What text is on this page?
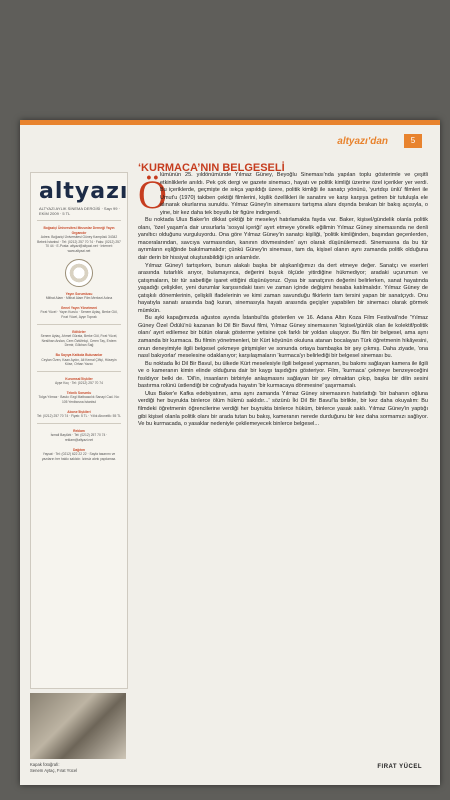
altyazı'dan	5
altyazı
ALTYAZI AYLIK SİNEMA DERGİSİ · Sayı 99 · EKİM 2009 · 5 TL
Boğaziçi Üniversitesi Mezunlar Derneği Yayın Organıdır
Adres: Boğaziçi Üniversitesi Güney Kampüsü 34342 Bebek İstanbul · Tel: (0212) 257 70 74 · Faks: (0212) 257 70 44 · E-Posta: altyazi@altyazi.net · İnternet: www.altyazi.net
Yayın Sorumlusu
Mithat Alam · Mithat Alam Film Merkezi Adına
Genel Yayın Yönetmeni
Fırat Yücel · Yayın Kurulu · Senem Aytaç, Berke Göl, Fırat Yücel, Ayşe Toprak
Editörler
Senem Aytaç, Ahmet Gürata, Berke Göl, Fırat Yücel, Neslihan Arslan, Cem Öztüfekçi, Ceren Taş, Erdem Demir, Gökhan Sağ
Bu Sayıya Katkıda Bulunanlar
Ceylan Özen, Kaan Aydın, Ali Kemal Çiftçi, Hüseyin Köse, Orhan Yazıcı
Kurumsal İlişkiler
Ayşe Koç · Tel: (0212) 257 70 74
Teknik Sorumlu
Tolga Yılmaz · Baskı: Ezgi Matbaacılık Sanayi Cad. No: 105 Yenibosna İstanbul
Abone İlişkileri
Tel: (0212) 257 70 74 · Fiyatı: 5 TL · Yıllık Abonelik: 55 TL
Reklam
İsmail Baştürk · Tel: (0212) 257 70 74 · reklam@altyazi.net
Dağıtım
Yaysat · Tel: (0212) 622 22 22 · Sayfa tasarımı ve yazıların her hakkı saklıdır. İzinsiz alıntı yapılamaz.
Kapak fotoğrafı:
Senem Aytaç, Fırat Yücel
‘KURMACA’NIN BELGESELİ
Ö

lümünün 25. yıldönümünde Yılmaz Güney, Beyoğlu Sineması'nda yapılan toplu gösterimle ve çeşitli etkinliklerle anıldı. Pek çok dergi ve gazete sinemacı, hayatı ve politik kimliği üzerine özel içerikler yer verdi. Bu içeriklerde, geçmişte de sıkça yapıldığı üzere, politik kimliği ile sanatçı yönünü, 'yurtdışı ünlü' filmleri ile Umut'u (1970) takiben çektiği filmlerini, kişilik özellikleri ile sanatını ve karşı karşıya getiren bir tutuluşla ele alınarak okurlarına sunuldu. Yılmaz Güney'in sinemasını tartışma alanı dışında bırakan bir bakış açısıyla, o yine, bir kez daha tek boyutlu bir figüre indirgendi.

Bu noktada Ulus Baker'in dikkat çektiği bir meseleyi hatırlamakta fayda var. Baker, kişisel/gündelik olanla politik olanı, 'özel yaşam'a dair unsurlarla 'sosyal içeriği' ayırt etmeye yönelik eğilimin Yılmaz Güney sinemasında ne denli yanıltıcı olduğunu vurguluyordu. Ona göre Yılmaz Güney'in sanatçı kişiliği, 'politik kimliğinden, başından geçenlerden, maceralarından, savcıya varmasından, kanının dövmesinden' ayrı olarak düşünülemezdi. Sinemasına da bu tür ayrımların eşliğinde bakılmamalıdır; çünkü Güney'in sineması, tam da, kişisel olanın aynı zamanda politik olduğuna dair derin bir hissiyat oluşturabildiği için anlamlıdır.

Yılmaz Güney'i tartışırken, bunun alakalı başka bir alışkanlığımızı da dert etmeye değer. Sanatçı ve eserleri arasında tutarlılık arıyor, bulamayınca, değerini buyuk ölçüde yitirdiğine hükmediyor; aradaki uçurumun ve çatışmaların, bir tür sabetliğe işaret ettiğini düşünüyoruz. Oysa bir sanatçının değerini belirlerken, sanat hayatında yaşadığı çelişkiler, yeni durumlar karşısındaki tavrı ve zaman içinde değişimi hesaba katılmalıdır. Yılmaz Güney de çatışkılı dönemlerinin, çelişkili ifadelerinin ve kimi zaman savunduğu fikirlerin tam tersini yapan bir sanatçıydı. Onu hayatıyla sanatı arasında bağ kuran, sinemasıyla hayatı arasında geçişler yapabilen bir sinemacı olarak görmek mümkün.

Bu ayki kapağımızda ağustos ayında İstanbul'da gösterilen ve 16. Adana Altın Koza Film Festivali'nde 'Yılmaz Güney Özel Ödülü'nü kazanan İki Dil Bir Bavul filmi, Yılmaz Güney sinemasının 'kişisel/günlük olan ile kolektif/politik olanı' ayırt edilemez bir bütün olarak gösterme yetisine çok farklı bir yoldan ulaşıyor. Bu film bir belgesel, ama aynı zamanda bir kurmaca. Bu filmin yönetmenleri, bir Kürt köyünün okuluna atanan bocalayan Türk öğretmenin hikâyesini, onun deneyimiyle ilgili belgesel çekmeye girişmişler ve sonunda ortaya bambaşka bir şey çıkmış. Daha ziyade, 'ona nasıl bakıyorlar' meselesine odaklanıyor; karşılaşmaların 'kurmaca'yı belirlediği bir belgesel sineması bu.

Bu noktada İki Dil Bir Bavul, bu ülkede Kürt meselesiyle ilgili belgesel yapmanın, bu bakımı sağlayan kamera ile ilgili ve o kameranın kimin elinde olduğuna dair bir kaygı taşıdığını gösteriyor. Film, 'kurmaca' çekmeye benzeyeceğini fısıldıyor belki de. 'Dil'in, insanların birbiriyle anlaşmasını sağlayan bir şey olmaktan çıkıp, başka bir dilin sesini bastırma rolünü üstlendiği bir coğrafyada hayatın 'bir kurmacaya dönmesine' şaşırmamalı.

Ulus Baker'e Kafka edebiyatının, ama aynı zamanda Yılmaz Güney sinemasının hatırlattığı 'bir bahanın oğluna verdiği her buyrukta binlerce ölüm hükmü saklıdır...' sözünü İki Dil Bir Bavul'la birlikte, bir kez daha okuyalım: Bu filmdeki öğretmenin öğrencilerine verdiği her buyrukta binlerce hüküm, binlerce yasak saklı. Yılmaz Güney'in yaptığı gibi kişisel olanla politik olanı bir arada tutan bu bakış, kameranın nerede durduğunu bir kez daha sormamızı sağlıyor. Ve bu kurmacada, o yasaklar nedeniyle çekilemeyecek binlerce belgesel...

FIRAT YÜCEL
